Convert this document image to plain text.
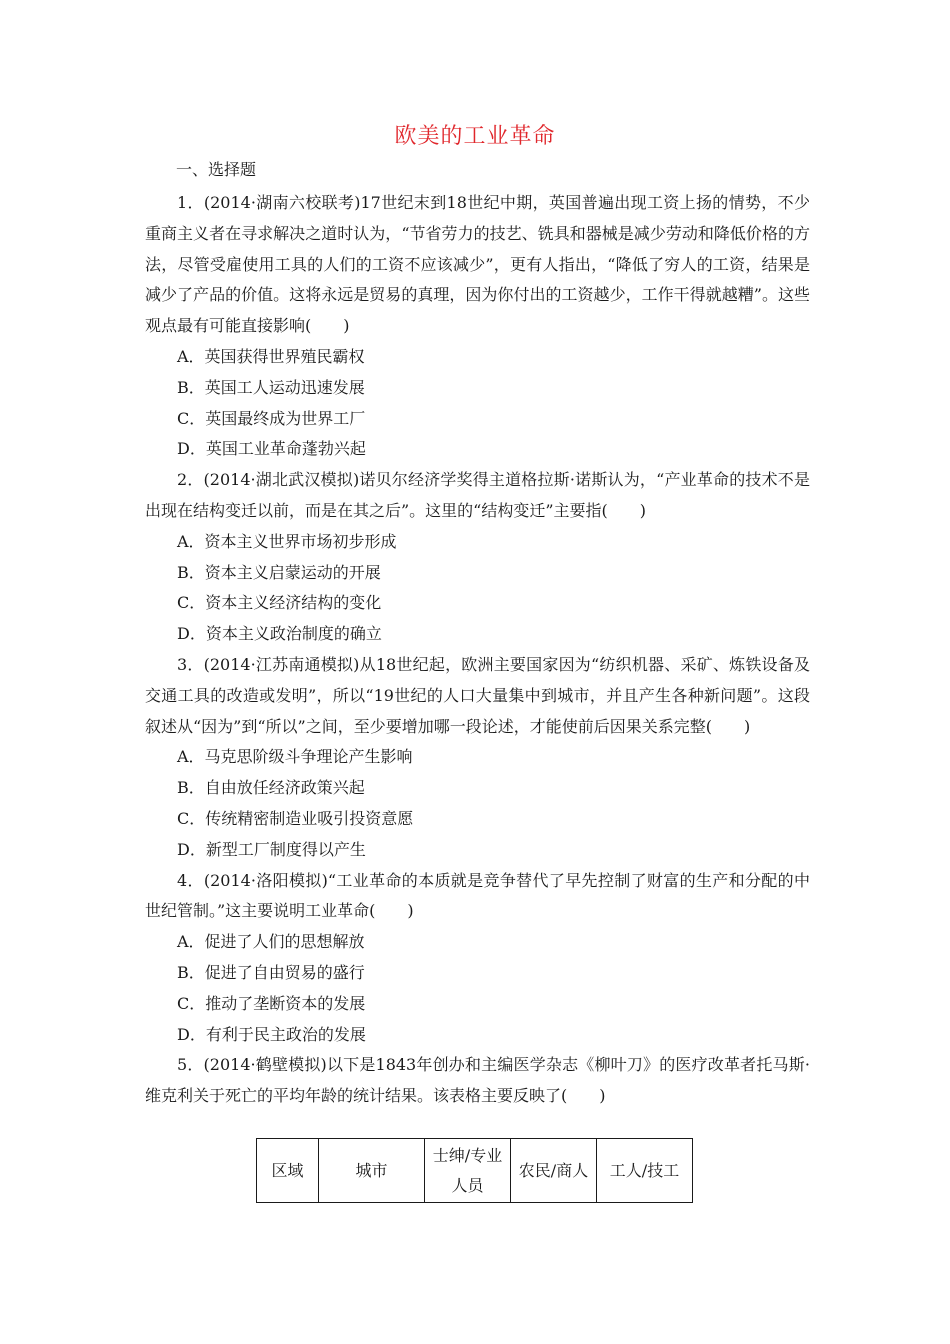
欧美的工业革命
一、选择题

1．(2014·湖南六校联考)17世纪末到18世纪中期，英国普遍出现工资上扬的情势，不少重商主义者在寻求解决之道时认为，“节省劳力的技艺、铣具和器械是减少劳动和降低价格的方法，尽管受雇使用工具的人们的工资不应该减少”，更有人指出，“降低了穷人的工资，结果是减少了产品的价值。这将永远是贸易的真理，因为你付出的工资越少，工作干得就越糟”。这些观点最有可能直接影响(　　)

A．英国获得世界殖民霸权

B．英国工人运动迅速发展

C．英国最终成为世界工厂

D．英国工业革命蓬勃兴起

2．(2014·湖北武汉模拟)诺贝尔经济学奖得主道格拉斯·诺斯认为，“产业革命的技术不是出现在结构变迁以前，而是在其之后”。这里的“结构变迁”主要指(　　)

A．资本主义世界市场初步形成

B．资本主义启蒙运动的开展

C．资本主义经济结构的变化

D．资本主义政治制度的确立

3．(2014·江苏南通模拟)从18世纪起，欧洲主要国家因为“纺织机器、采矿、炼铁设备及交通工具的改造或发明”，所以“19世纪的人口大量集中到城市，并且产生各种新问题”。这段叙述从“因为”到“所以”之间，至少要增加哪一段论述，才能使前后因果关系完整(　　)

A．马克思阶级斗争理论产生影响

B．自由放任经济政策兴起

C．传统精密制造业吸引投资意愿

D．新型工厂制度得以产生

4．(2014·洛阳模拟)“工业革命的本质就是竞争替代了早先控制了财富的生产和分配的中世纪管制。”这主要说明工业革命(　　)

A．促进了人们的思想解放

B．促进了自由贸易的盛行

C．推动了垄断资本的发展

D．有利于民主政治的发展

5．(2014·鹤壁模拟)以下是1843年创办和主编医学杂志《柳叶刀》的医疗改革者托马斯·维克利关于死亡的平均年龄的统计结果。该表格主要反映了(　　)

区域	城市	士绅/专业人员	农民/商人	工人/技工
